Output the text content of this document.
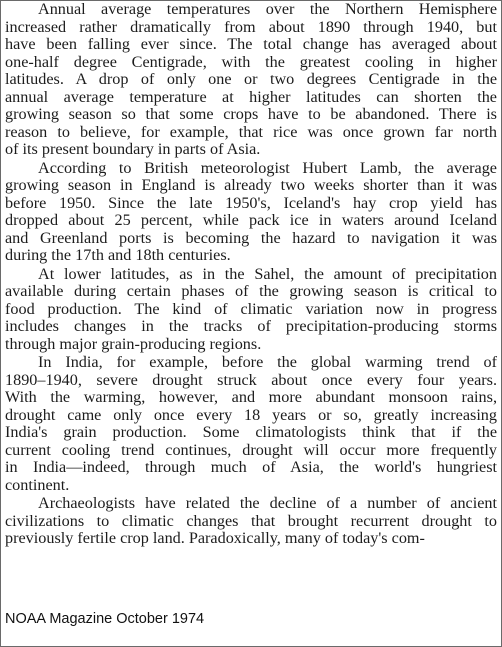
Annual average temperatures over the Northern Hemisphere
increased rather dramatically from about 1890 through 1940, but
have been falling ever since. The total change has averaged about
one-half degree Centigrade, with the greatest cooling in higher
latitudes. A drop of only one or two degrees Centigrade in the
annual average temperature at higher latitudes can shorten the
growing season so that some crops have to be abandoned. There is
reason to believe, for example, that rice was once grown far north
of its present boundary in parts of Asia.
According to British meteorologist Hubert Lamb, the average
growing season in England is already two weeks shorter than it was
before 1950. Since the late 1950's, Iceland's hay crop yield has
dropped about 25 percent, while pack ice in waters around Iceland
and Greenland ports is becoming the hazard to navigation it was
during the 17th and 18th centuries.
At lower latitudes, as in the Sahel, the amount of precipitation
available during certain phases of the growing season is critical to
food production. The kind of climatic variation now in progress
includes changes in the tracks of precipitation-producing storms
through major grain-producing regions.
In India, for example, before the global warming trend of
1890–1940, severe drought struck about once every four years.
With the warming, however, and more abundant monsoon rains,
drought came only once every 18 years or so, greatly increasing
India's grain production. Some climatologists think that if the
current cooling trend continues, drought will occur more frequently
in India—indeed, through much of Asia, the world's hungriest
continent.
Archaeologists have related the decline of a number of ancient
civilizations to climatic changes that brought recurrent drought to
previously fertile crop land. Paradoxically, many of today's com-
NOAA Magazine October 1974
